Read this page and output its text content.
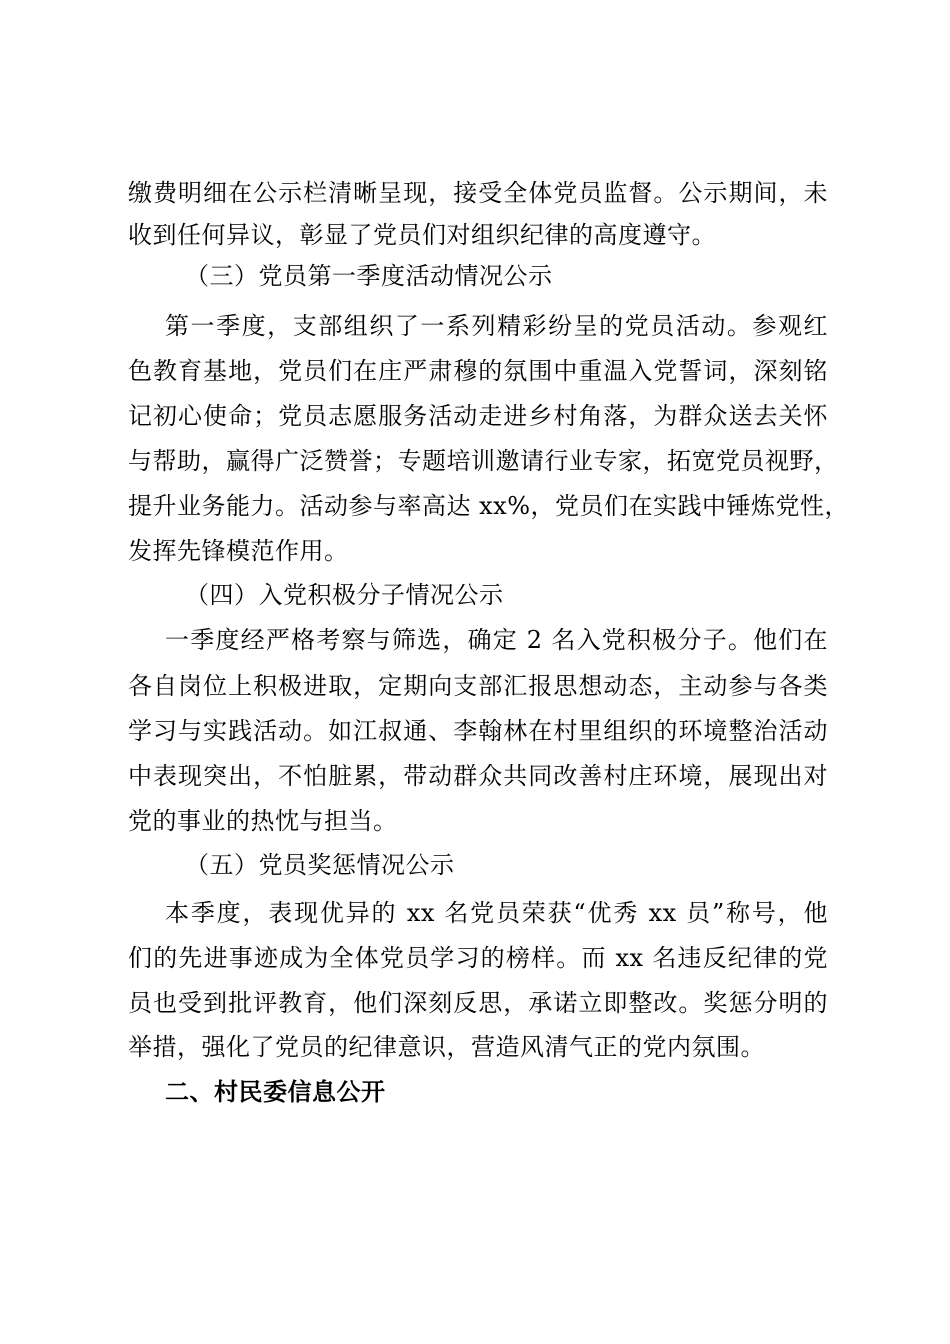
缴费明细在公示栏清晰呈现，接受全体党员监督。公示期间，未
收到任何异议，彰显了党员们对组织纪律的高度遵守。
（三）党员第一季度活动情况公示
第一季度，支部组织了一系列精彩纷呈的党员活动。参观红
色教育基地，党员们在庄严肃穆的氛围中重温入党誓词，深刻铭
记初心使命；党员志愿服务活动走进乡村角落，为群众送去关怀
与帮助，赢得广泛赞誉；专题培训邀请行业专家，拓宽党员视野，
提升业务能力。活动参与率高达 xx%，党员们在实践中锤炼党性，
发挥先锋模范作用。
（四）入党积极分子情况公示
一季度经严格考察与筛选，确定 2 名入党积极分子。他们在
各自岗位上积极进取，定期向支部汇报思想动态，主动参与各类
学习与实践活动。如江叔通、李翰林在村里组织的环境整治活动
中表现突出，不怕脏累，带动群众共同改善村庄环境，展现出对
党的事业的热忱与担当。
（五）党员奖惩情况公示
本季度，表现优异的 xx 名党员荣获“优秀 xx 员”称号，他
们的先进事迹成为全体党员学习的榜样。而 xx 名违反纪律的党
员也受到批评教育，他们深刻反思，承诺立即整改。奖惩分明的
举措，强化了党员的纪律意识，营造风清气正的党内氛围。
二、村民委信息公开
